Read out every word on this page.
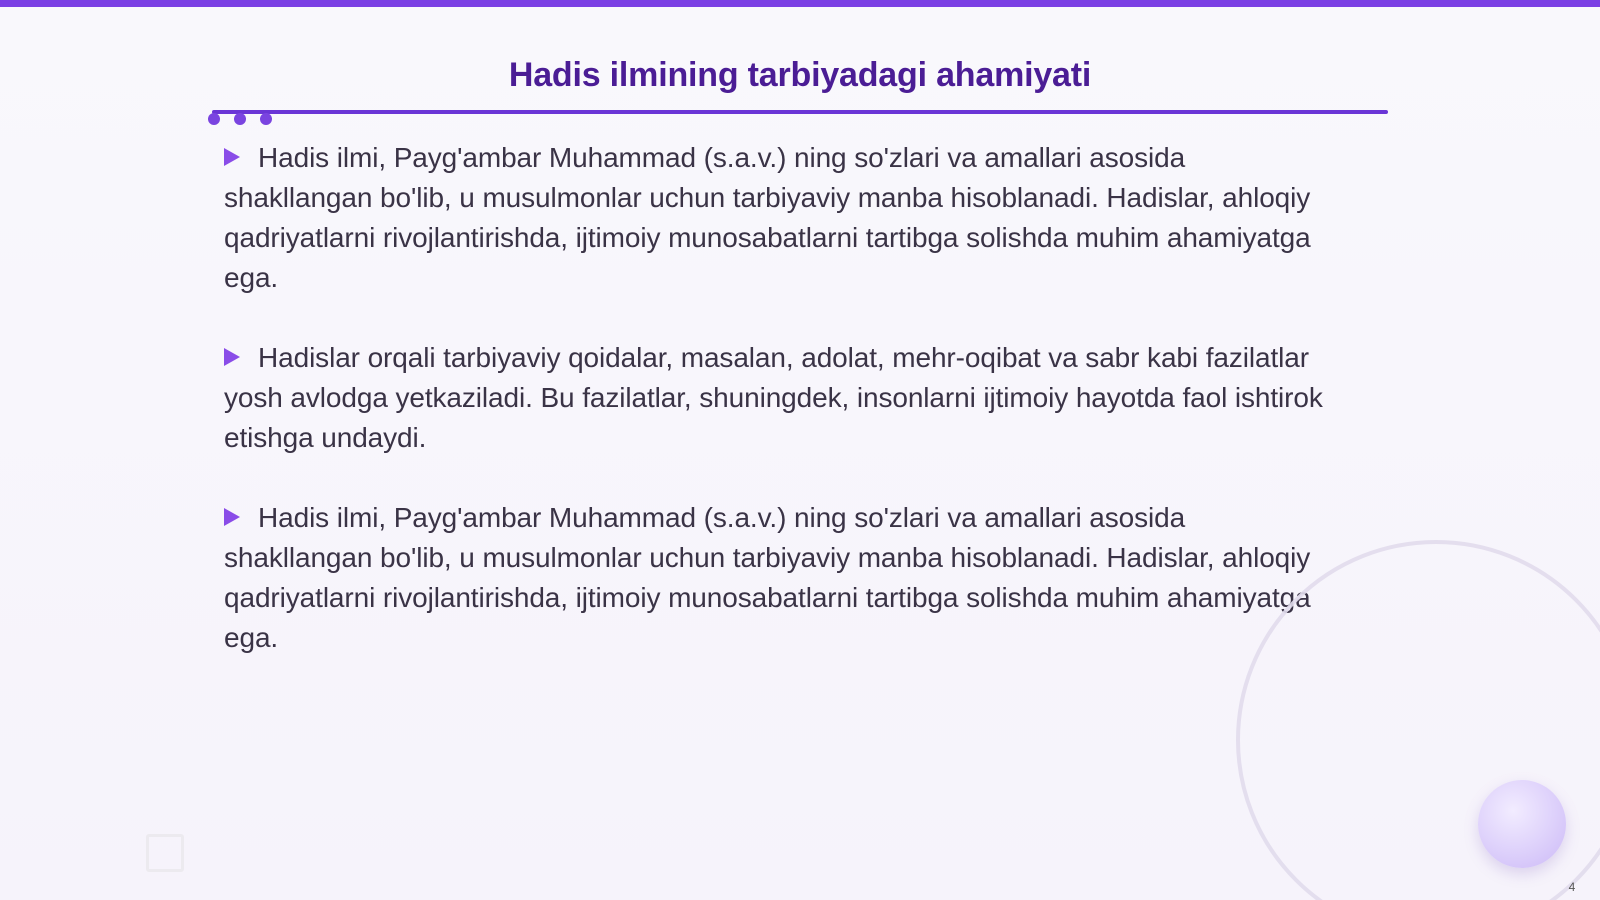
Hadis ilmining tarbiyadagi ahamiyati

Hadis ilmi, Payg'ambar Muhammad (s.a.v.) ning so'zlari va amallari asosida shakllangan bo'lib, u musulmonlar uchun tarbiyaviy manba hisoblanadi. Hadislar, ahloqiy qadriyatlarni rivojlantirishda, ijtimoiy munosabatlarni tartibga solishda muhim ahamiyatga ega.

Hadislar orqali tarbiyaviy qoidalar, masalan, adolat, mehr-oqibat va sabr kabi fazilatlar yosh avlodga yetkaziladi. Bu fazilatlar, shuningdek, insonlarni ijtimoiy hayotda faol ishtirok etishga undaydi.

Hadis ilmi, Payg'ambar Muhammad (s.a.v.) ning so'zlari va amallari asosida shakllangan bo'lib, u musulmonlar uchun tarbiyaviy manba hisoblanadi. Hadislar, ahloqiy qadriyatlarni rivojlantirishda, ijtimoiy munosabatlarni tartibga solishda muhim ahamiyatga ega.

4
